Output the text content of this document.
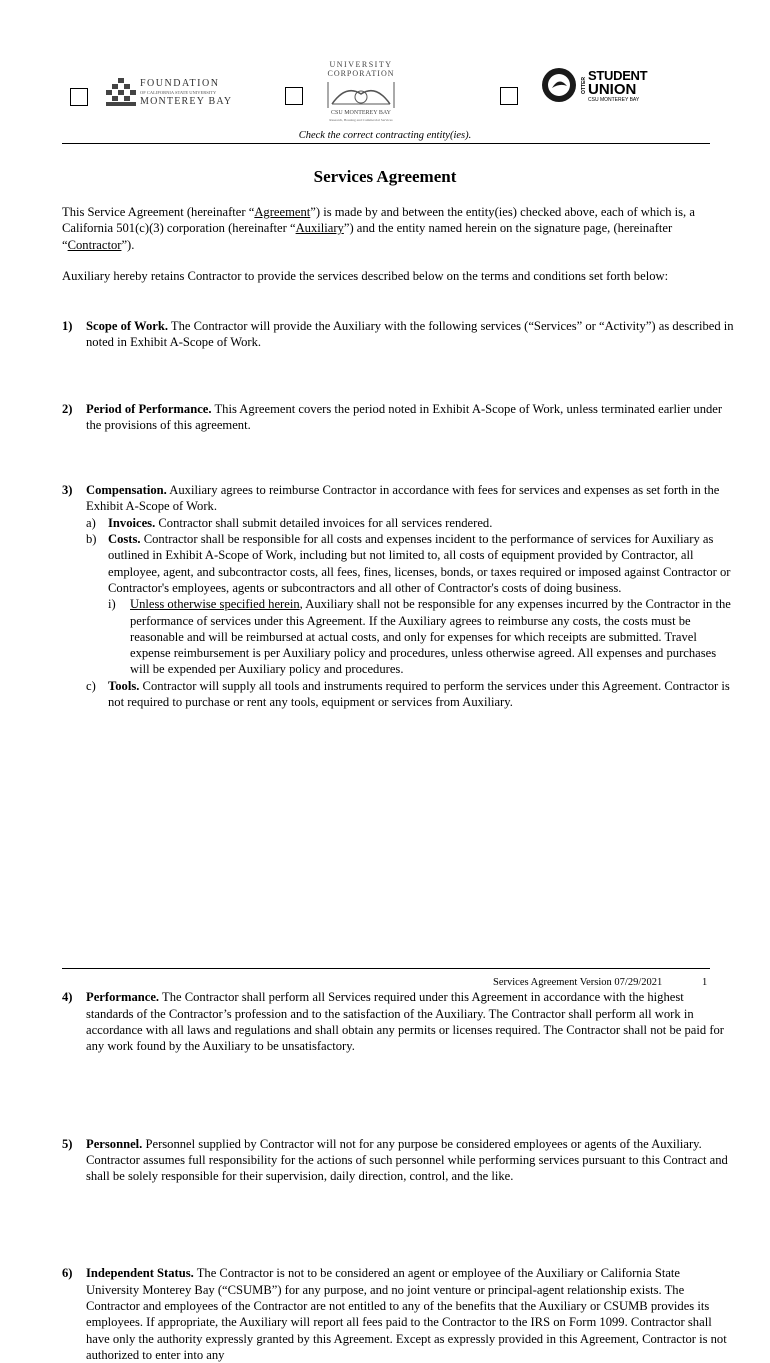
FOUNDATION
OF CALIFORNIA STATE UNIVERSITY
MONTEREY BAY
UNIVERSITY
CORPORATION
CSU MONTEREY BAY
Research, Housing and Commercial Services
OTTER
STUDENT
UNION
CSU MONTEREY BAY
Check the correct contracting entity(ies).
Services Agreement

This Service Agreement (hereinafter “Agreement”) is made by and between the entity(ies) checked above, each of which is, a California 501(c)(3) corporation (hereinafter “Auxiliary”) and the entity named herein on the signature page, (hereinafter “Contractor”).

Auxiliary hereby retains Contractor to provide the services described below on the terms and conditions set forth below:
1) Scope of Work. The Contractor will provide the Auxiliary with the following services (“Services” or “Activity”) as described in noted in Exhibit A-Scope of Work.
2) Period of Performance. This Agreement covers the period noted in Exhibit A-Scope of Work, unless terminated earlier under the provisions of this agreement.
3) Compensation. Auxiliary agrees to reimburse Contractor in accordance with fees for services and expenses as set forth in the Exhibit A-Scope of Work.
a) Invoices. Contractor shall submit detailed invoices for all services rendered.
b) Costs. Contractor shall be responsible for all costs and expenses incident to the performance of services for Auxiliary as outlined in Exhibit A-Scope of Work, including but not limited to, all costs of equipment provided by Contractor, all employee, agent, and subcontractor costs, all fees, fines, licenses, bonds, or taxes required or imposed against Contractor or Contractor's employees, agents or subcontractors and all other of Contractor's costs of doing business.
i) Unless otherwise specified herein, Auxiliary shall not be responsible for any expenses incurred by the Contractor in the performance of services under this Agreement. If the Auxiliary agrees to reimburse any costs, the costs must be reasonable and will be reimbursed at actual costs, and only for expenses for which receipts are submitted. Travel expense reimbursement is per Auxiliary policy and procedures, unless otherwise agreed. All expenses and purchases will be expended per Auxiliary policy and procedures.
c) Tools. Contractor will supply all tools and instruments required to perform the services under this Agreement. Contractor is not required to purchase or rent any tools, equipment or services from Auxiliary.
4) Performance. The Contractor shall perform all Services required under this Agreement in accordance with the highest standards of the Contractor’s profession and to the satisfaction of the Auxiliary. The Contractor shall perform all work in accordance with all laws and regulations and shall obtain any permits or licenses required. The Contractor shall not be paid for any work found by the Auxiliary to be unsatisfactory.
5) Personnel. Personnel supplied by Contractor will not for any purpose be considered employees or agents of the Auxiliary. Contractor assumes full responsibility for the actions of such personnel while performing services pursuant to this Contract and shall be solely responsible for their supervision, daily direction, control, and the like.
6) Independent Status. The Contractor is not to be considered an agent or employee of the Auxiliary or California State University Monterey Bay (“CSUMB”) for any purpose, and no joint venture or principal-agent relationship exists. The Contractor and employees of the Contractor are not entitled to any of the benefits that the Auxiliary or CSUMB provides its employees. If appropriate, the Auxiliary will report all fees paid to the Contractor to the IRS on Form 1099. Contractor shall have only the authority expressly granted by this Agreement. Except as expressly provided in this Agreement, Contractor is not authorized to enter into any
Services Agreement Version 07/29/2021	1
